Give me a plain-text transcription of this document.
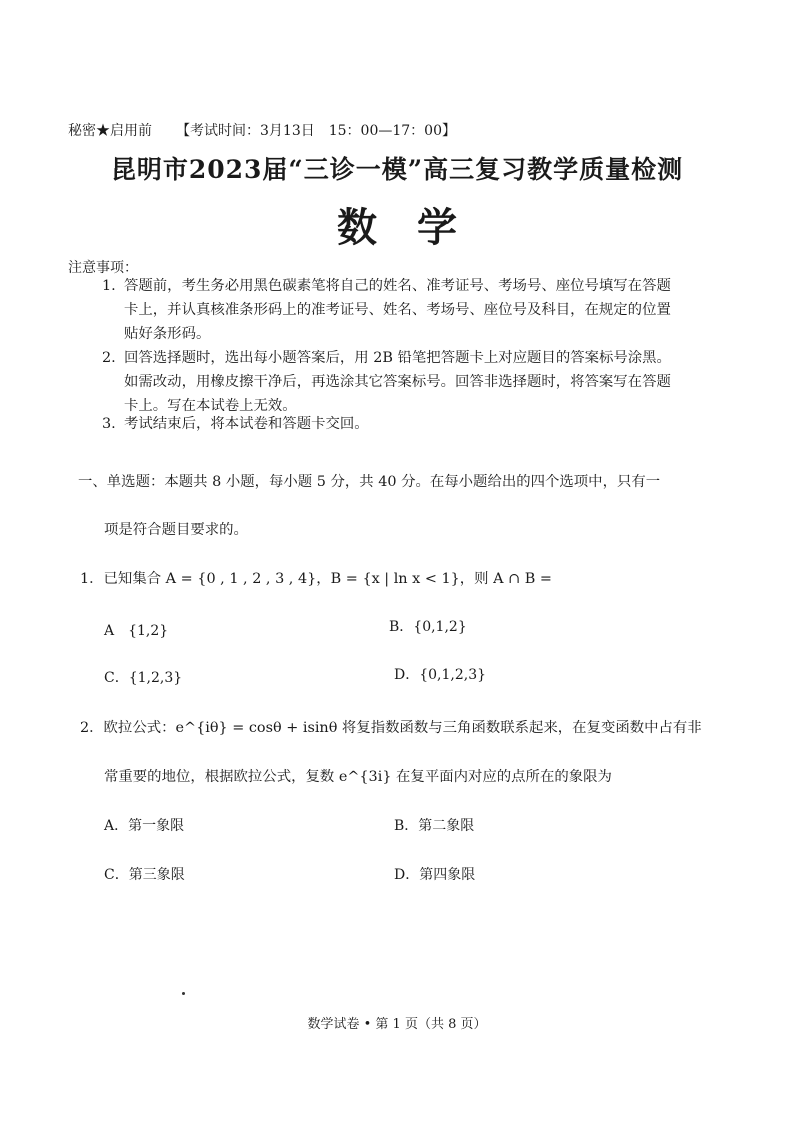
秘密★启用前 【考试时间：3月13日　15：00—17：00】
昆明市2023届“三诊一模”高三复习教学质量检测
数学
注意事项：
1. 答题前，考生务必用黑色碳素笔将自己的姓名、准考证号、考场号、座位号填写在答题卡上，并认真核准条形码上的准考证号、姓名、考场号、座位号及科目，在规定的位置贴好条形码。
2. 回答选择题时，选出每小题答案后，用 2B 铅笔把答题卡上对应题目的答案标号涂黑。如需改动，用橡皮擦干净后，再选涂其它答案标号。回答非选择题时，将答案写在答题卡上。写在本试卷上无效。
3. 考试结束后，将本试卷和答题卡交回。
一、单选题：本题共 8 小题，每小题 5 分，共 40 分。在每小题给出的四个选项中，只有一
项是符合题目要求的。
1．已知集合 A = {0 , 1 , 2 , 3 , 4}，B = {x | ln x < 1}，则 A ∩ B =
A　{1,2}	B．{0,1,2}
C．{1,2,3}	D．{0,1,2,3}
2．欧拉公式：e^{iθ} = cosθ + isinθ 将复指数函数与三角函数联系起来，在复变函数中占有非
常重要的地位，根据欧拉公式，复数 e^{3i} 在复平面内对应的点所在的象限为
A．第一象限	B．第二象限
C．第三象限	D．第四象限
数学试卷 • 第 1 页（共 8 页）
